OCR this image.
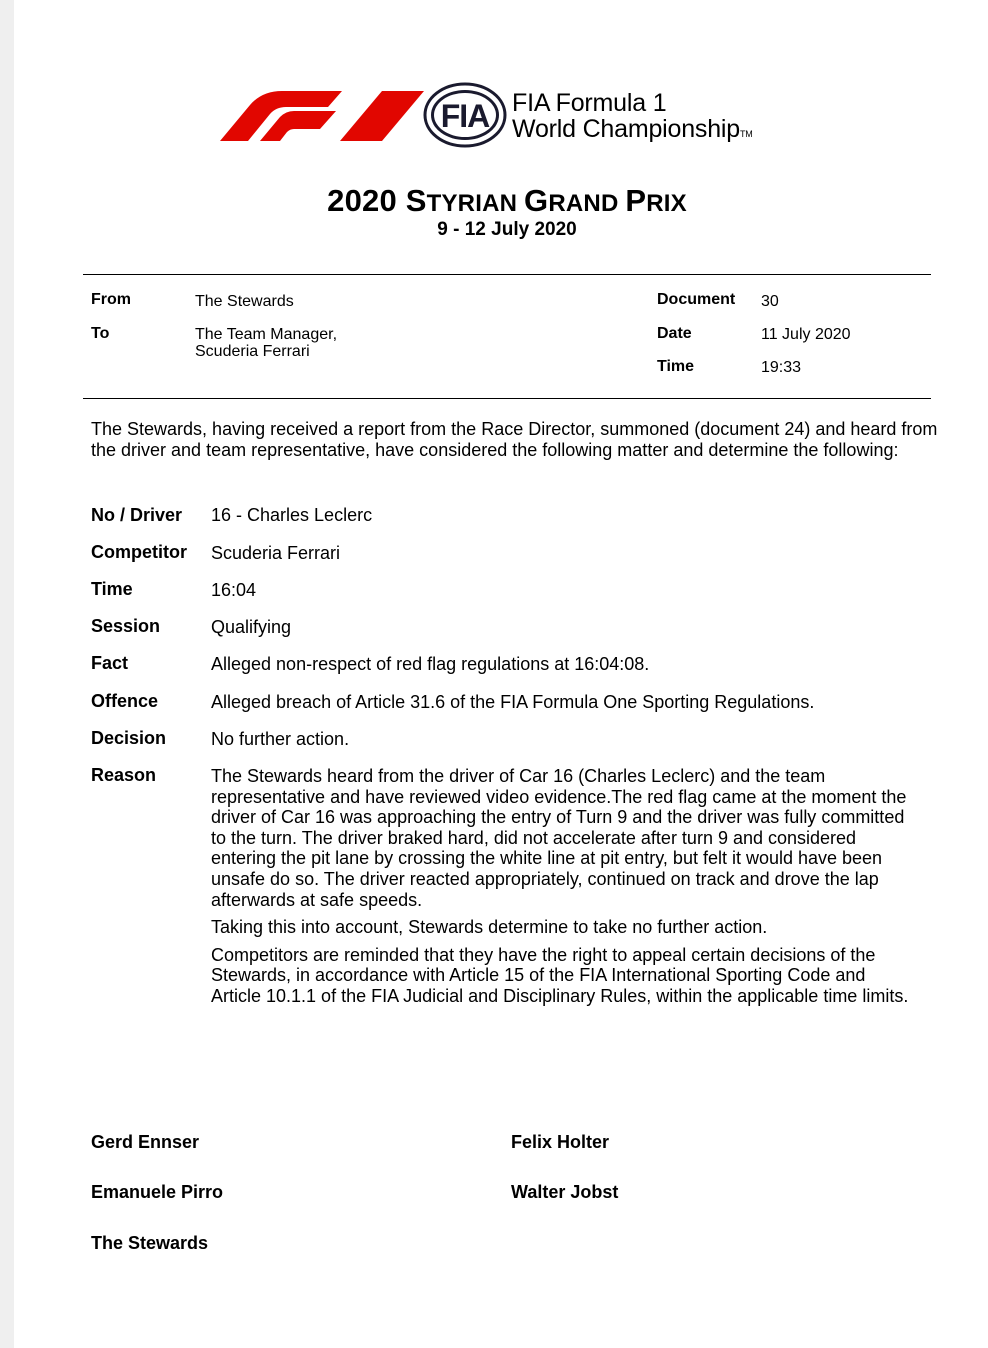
FIA FIA Formula 1
World ChampionshipTM
2020 STYRIAN GRAND PRIX
9 - 12 July 2020
From	The Stewards
To	The Team Manager,
Scuderia Ferrari
Document 30
Date	11 July 2020
Time	19:33
The Stewards, having received a report from the Race Director, summoned (document 24) and heard from the driver and team representative, have considered the following matter and determine the following:
No / Driver 16 - Charles Leclerc
Competitor Scuderia Ferrari
Time	16:04
Session	Qualifying
Fact	Alleged non-respect of red flag regulations at 16:04:08.
Offence	Alleged breach of Article 31.6 of the FIA Formula One Sporting Regulations.
Decision No further action.
Reason	The Stewards heard from the driver of Car 16 (Charles Leclerc) and the team representative and have reviewed video evidence.The red flag came at the moment the driver of Car 16 was approaching the entry of Turn 9 and the driver was fully committed to the turn. The driver braked hard, did not accelerate after turn 9 and considered entering the pit lane by crossing the white line at pit entry, but felt it would have been unsafe do so. The driver reacted appropriately, continued on track and drove the lap afterwards at safe speeds.

Taking this into account, Stewards determine to take no further action.

Competitors are reminded that they have the right to appeal certain decisions of the Stewards, in accordance with Article 15 of the FIA International Sporting Code and Article 10.1.1 of the FIA Judicial and Disciplinary Rules, within the applicable time limits.

Gerd Ennser	Felix Holter
Emanuele Pirro	Walter Jobst
The Stewards
